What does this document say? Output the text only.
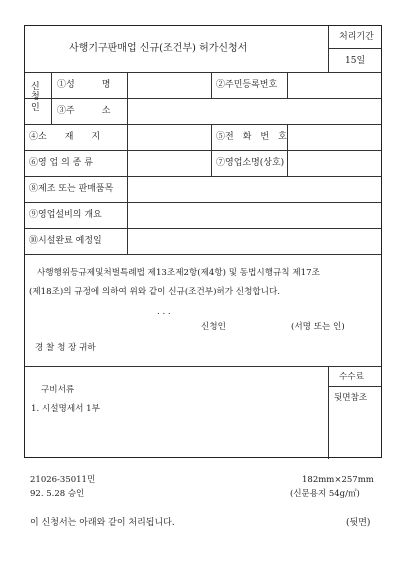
사행기구판매업 신규(조건부) 허가신청서
처리기간
15일
신청인
①성　　　명	②주민등록번호
③주　　　소
④소　　재　　지	⑤전　화　번　호
⑥영 업 의 종 류	⑦영업소명(상호)
⑧제조 또는 판매품목
⑨영업설비의 개요
⑩시설완료 예정일
사행행위등규제및처벌특례법 제13조제2항(제4항) 및 동법시행규칙 제17조
(제18조)의 규정에 의하여 위와 같이 신규(조건부)허가 신청합니다.
. . .
신청인	(서명 또는 인)
경 찰 청 장 귀하
구비서류
1. 시설명세서 1부
수수료
뒷면참조
21026-35011민
92. 5.28 승인
182mm×257mm
(신문용지 54g/㎡)
이 신청서는 아래와 같이 처리됩니다.	(뒷면)
